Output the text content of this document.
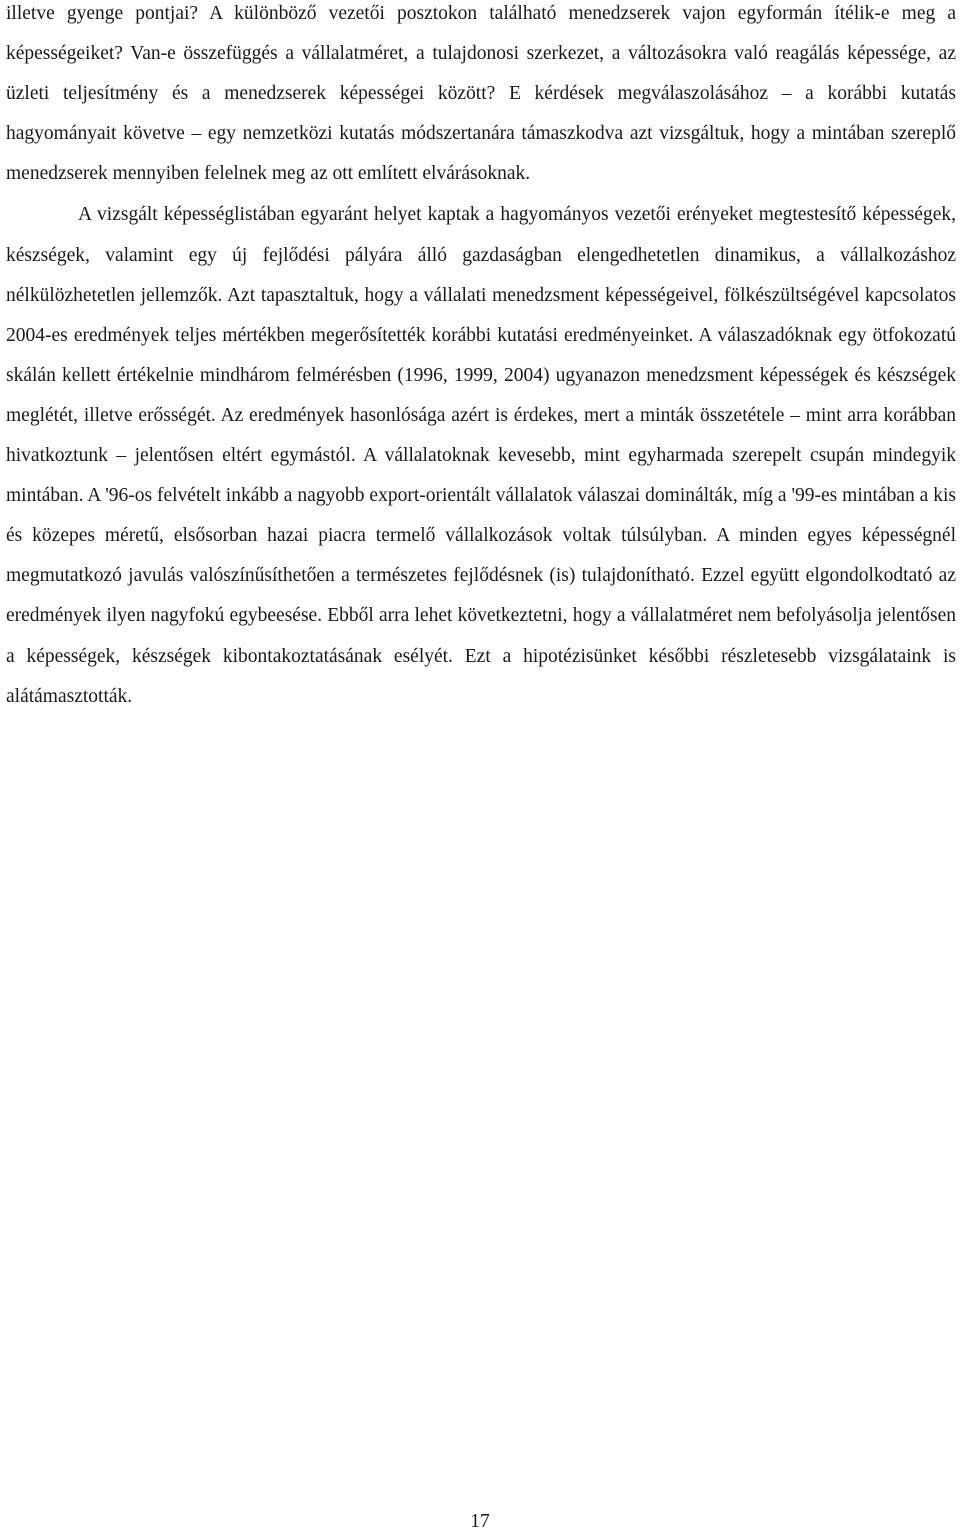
illetve gyenge pontjai? A különböző vezetői posztokon található menedzserek vajon egyformán ítélik-e meg a képességeiket? Van-e összefüggés a vállalatméret, a tulajdonosi szerkezet, a változásokra való reagálás képessége, az üzleti teljesítmény és a menedzserek képességei között? E kérdések megválaszolásához – a korábbi kutatás hagyományait követve – egy nemzetközi kutatás módszertanára támaszkodva azt vizsgáltuk, hogy a mintában szereplő menedzserek mennyiben felelnek meg az ott említett elvárásoknak.

A vizsgált képességlistában egyaránt helyet kaptak a hagyományos vezetői erényeket megtestesítő képességek, készségek, valamint egy új fejlődési pályára álló gazdaságban elengedhetetlen dinamikus, a vállalkozáshoz nélkülözhetetlen jellemzők. Azt tapasztaltuk, hogy a vállalati menedzsment képességeivel, fölkészültségével kapcsolatos 2004-es eredmények teljes mértékben megerősítették korábbi kutatási eredményeinket. A válaszadóknak egy ötfokozatú skálán kellett értékelnie mindhárom felmérésben (1996, 1999, 2004) ugyanazon menedzsment képességek és készségek meglétét, illetve erősségét. Az eredmények hasonlósága azért is érdekes, mert a minták összetétele – mint arra korábban hivatkoztunk – jelentősen eltért egymástól. A vállalatoknak kevesebb, mint egyharmada szerepelt csupán mindegyik mintában. A '96-os felvételt inkább a nagyobb export-orientált vállalatok válaszai dominálták, míg a '99-es mintában a kis és közepes méretű, elsősorban hazai piacra termelő vállalkozások voltak túlsúlyban. A minden egyes képességnél megmutatkozó javulás valószínűsíthetően a természetes fejlődésnek (is) tulajdonítható. Ezzel együtt elgondolkodtató az eredmények ilyen nagyfokú egybeesése. Ebből arra lehet következtetni, hogy a vállalatméret nem befolyásolja jelentősen a képességek, készségek kibontakoztatásának esélyét. Ezt a hipotézisünket későbbi részletesebb vizsgálataink is alátámasztották.

17
